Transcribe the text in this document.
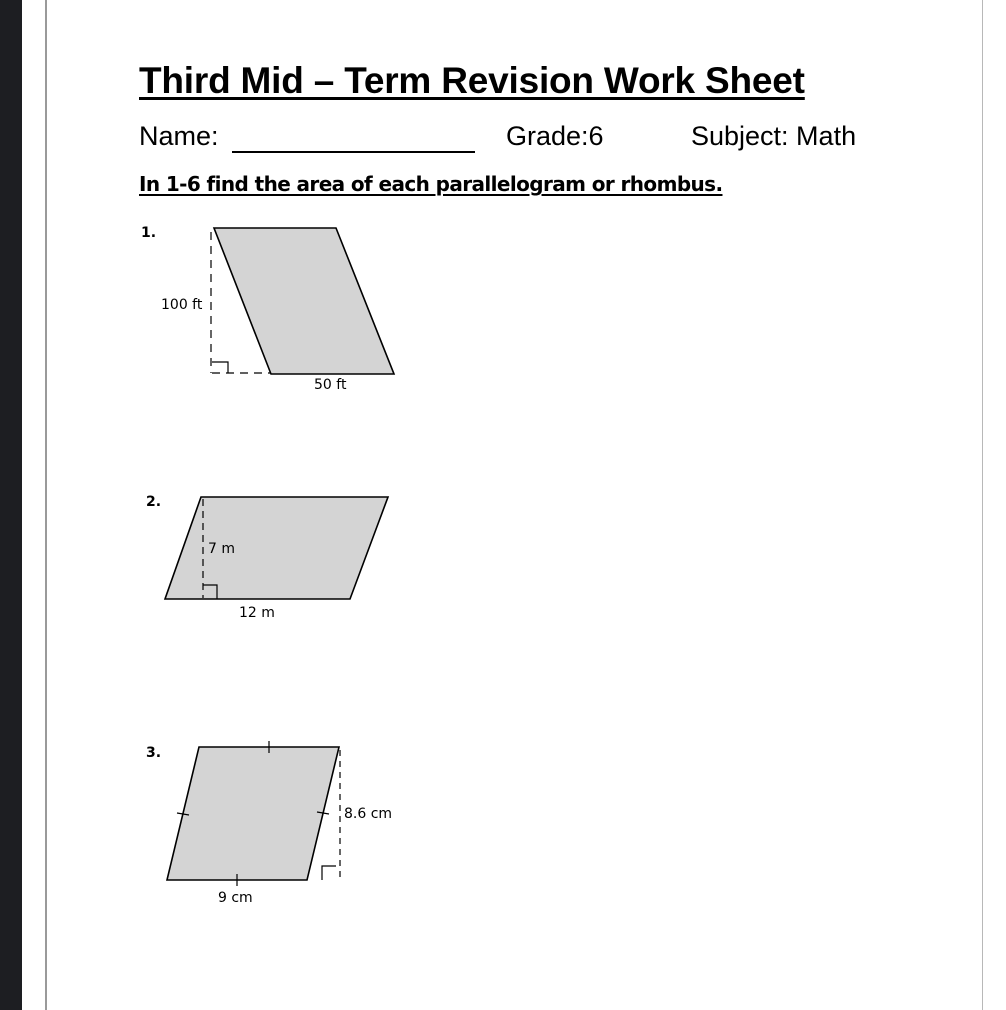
Third Mid – Term Revision Work Sheet
Name:	Grade:6	Subject: Math
In 1-6 find the area of each parallelogram or rhombus.
1.
2.
3.
100 ft
50 ft
7 m
12 m
8.6 cm
9 cm
